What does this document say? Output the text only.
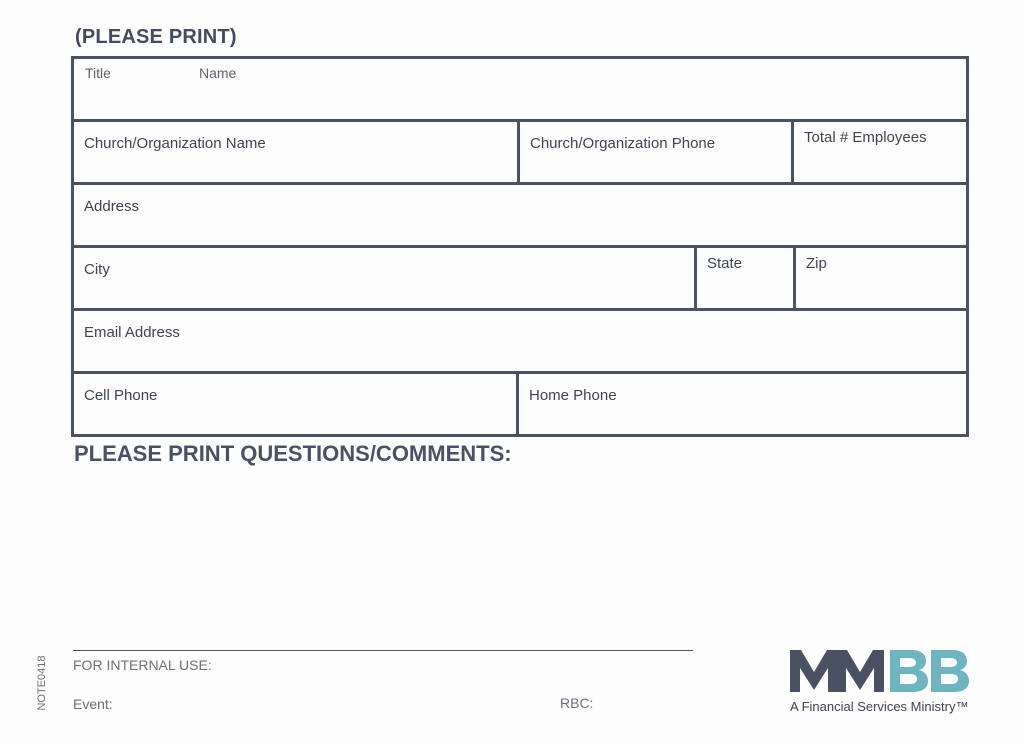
(PLEASE PRINT)
Title	Name
Church/Organization Name	Church/Organization Phone	Total # Employees
Address
City	State	Zip
Email Address
Cell Phone	Home Phone
PLEASE PRINT QUESTIONS/COMMENTS:
FOR INTERNAL USE:
Event:	RBC:
NOTE0418	A Financial Services Ministry™
